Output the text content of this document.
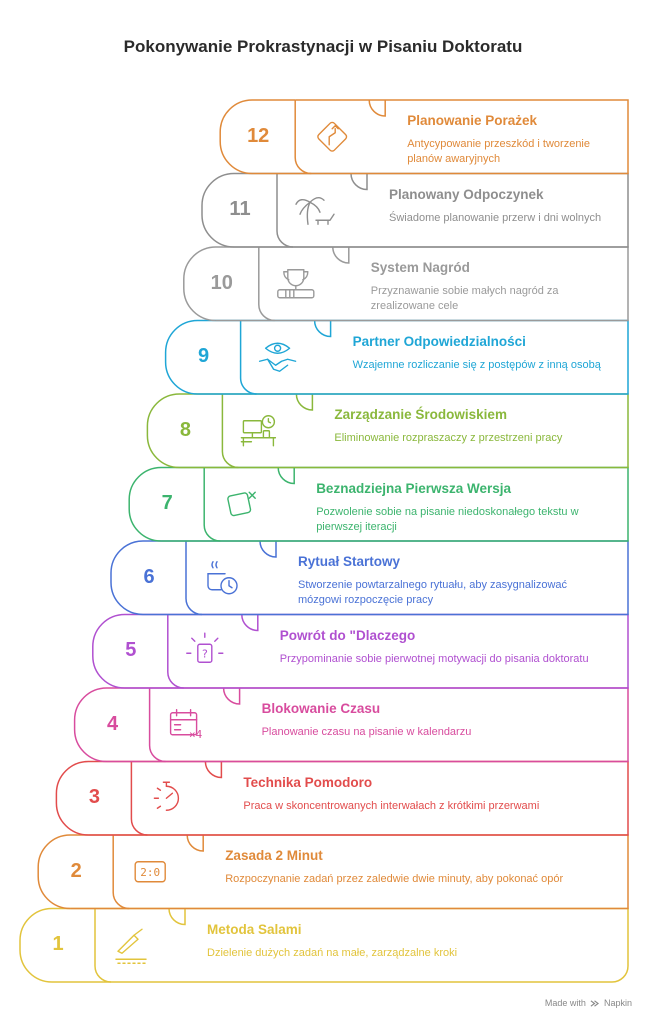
Pokonywanie Prokrastynacji w Pisaniu Doktoratu
2:0
×4
?
1
Metoda Salami
Dzielenie dużych zadań na małe, zarządzalne kroki
2
Zasada 2 Minut
Rozpoczynanie zadań przez zaledwie dwie minuty, aby pokonać opór
3
Technika Pomodoro
Praca w skoncentrowanych interwałach z krótkimi przerwami
4
Blokowanie Czasu
Planowanie czasu na pisanie w kalendarzu
5
Powrót do "Dlaczego
Przypominanie sobie pierwotnej motywacji do pisania doktoratu
6
Rytuał Startowy
Stworzenie powtarzalnego rytuału, aby zasygnalizować mózgowi rozpoczęcie pracy
7
Beznadziejna Pierwsza Wersja
Pozwolenie sobie na pisanie niedoskonałego tekstu w pierwszej iteracji
8
Zarządzanie Środowiskiem
Eliminowanie rozpraszaczy z przestrzeni pracy
9
Partner Odpowiedzialności
Wzajemne rozliczanie się z postępów z inną osobą
10
System Nagród
Przyznawanie sobie małych nagród za zrealizowane cele
11
Planowany Odpoczynek
Świadome planowanie przerw i dni wolnych
12
Planowanie Porażek
Antycypowanie przeszkód i tworzenie planów awaryjnych
Made with Napkin
